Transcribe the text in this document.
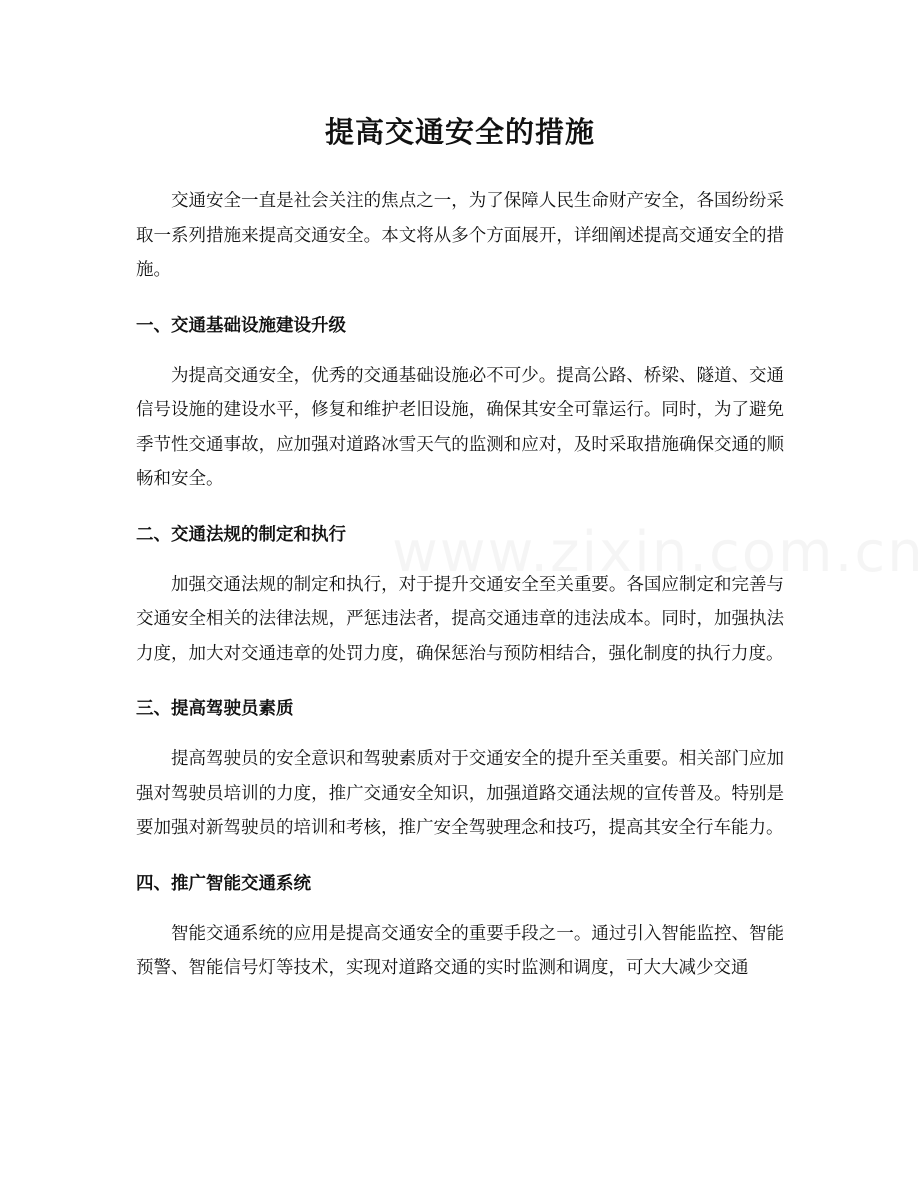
提高交通安全的措施

交通安全一直是社会关注的焦点之一，为了保障人民生命财产安全，各国纷纷采取一系列措施来提高交通安全。本文将从多个方面展开，详细阐述提高交通安全的措施。

一、交通基础设施建设升级

为提高交通安全，优秀的交通基础设施必不可少。提高公路、桥梁、隧道、交通信号设施的建设水平，修复和维护老旧设施，确保其安全可靠运行。同时，为了避免季节性交通事故，应加强对道路冰雪天气的监测和应对，及时采取措施确保交通的顺畅和安全。

二、交通法规的制定和执行

加强交通法规的制定和执行，对于提升交通安全至关重要。各国应制定和完善与交通安全相关的法律法规，严惩违法者，提高交通违章的违法成本。同时，加强执法力度，加大对交通违章的处罚力度，确保惩治与预防相结合，强化制度的执行力度。

三、提高驾驶员素质

提高驾驶员的安全意识和驾驶素质对于交通安全的提升至关重要。相关部门应加强对驾驶员培训的力度，推广交通安全知识，加强道路交通法规的宣传普及。特别是要加强对新驾驶员的培训和考核，推广安全驾驶理念和技巧，提高其安全行车能力。

四、推广智能交通系统

智能交通系统的应用是提高交通安全的重要手段之一。通过引入智能监控、智能预警、智能信号灯等技术，实现对道路交通的实时监测和调度，可大大减少交通
